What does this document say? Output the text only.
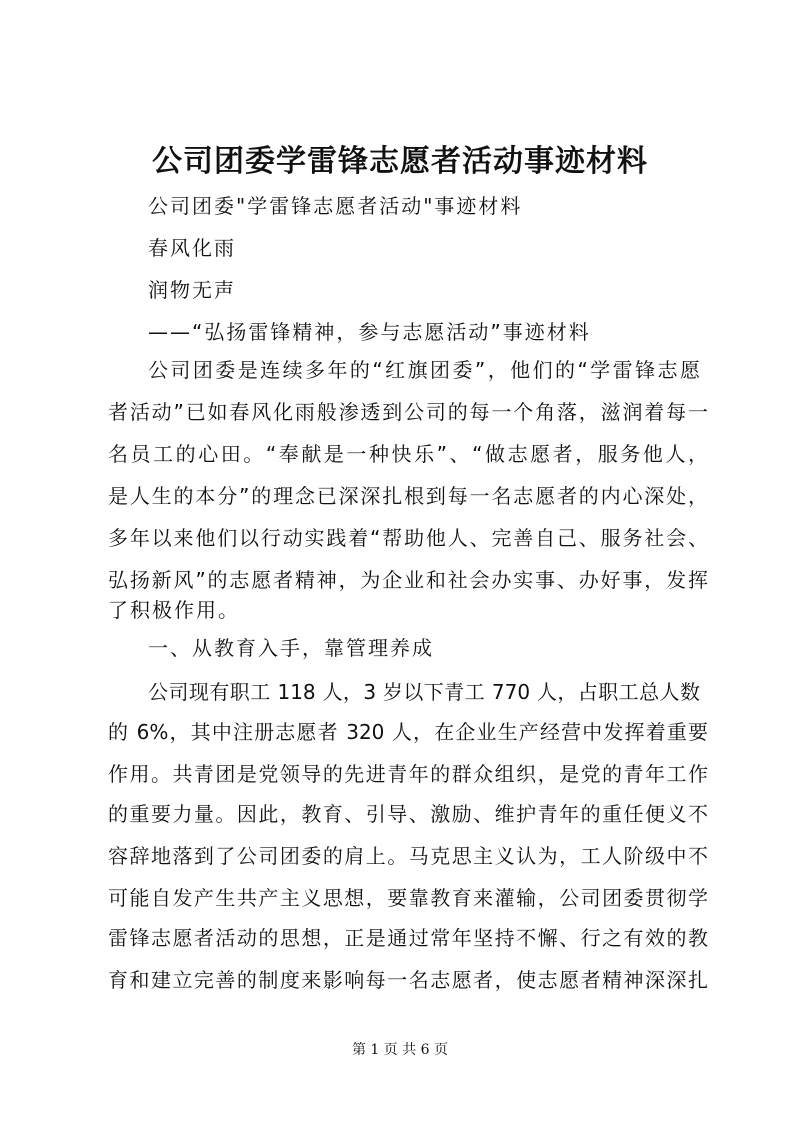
公司团委学雷锋志愿者活动事迹材料
公司团委"学雷锋志愿者活动"事迹材料
春风化雨
润物无声
——“弘扬雷锋精神，参与志愿活动”事迹材料
公司团委是连续多年的“红旗团委”，他们的“学雷锋志愿
者活动”已如春风化雨般渗透到公司的每一个角落，滋润着每一
名员工的心田。“奉献是一种快乐”、“做志愿者，服务他人，
是人生的本分”的理念已深深扎根到每一名志愿者的内心深处，
多年以来他们以行动实践着“帮助他人、完善自己、服务社会、
弘扬新风”的志愿者精神，为企业和社会办实事、办好事，发挥
了积极作用。
一、从教育入手，靠管理养成
公司现有职工 118 人，3 岁以下青工 770 人，占职工总人数
的 6%，其中注册志愿者 320 人，在企业生产经营中发挥着重要
作用。共青团是党领导的先进青年的群众组织，是党的青年工作
的重要力量。因此，教育、引导、激励、维护青年的重任便义不
容辞地落到了公司团委的肩上。马克思主义认为，工人阶级中不
可能自发产生共产主义思想，要靠教育来灌输，公司团委贯彻学
雷锋志愿者活动的思想，正是通过常年坚持不懈、行之有效的教
育和建立完善的制度来影响每一名志愿者，使志愿者精神深深扎
第 1 页 共 6 页
